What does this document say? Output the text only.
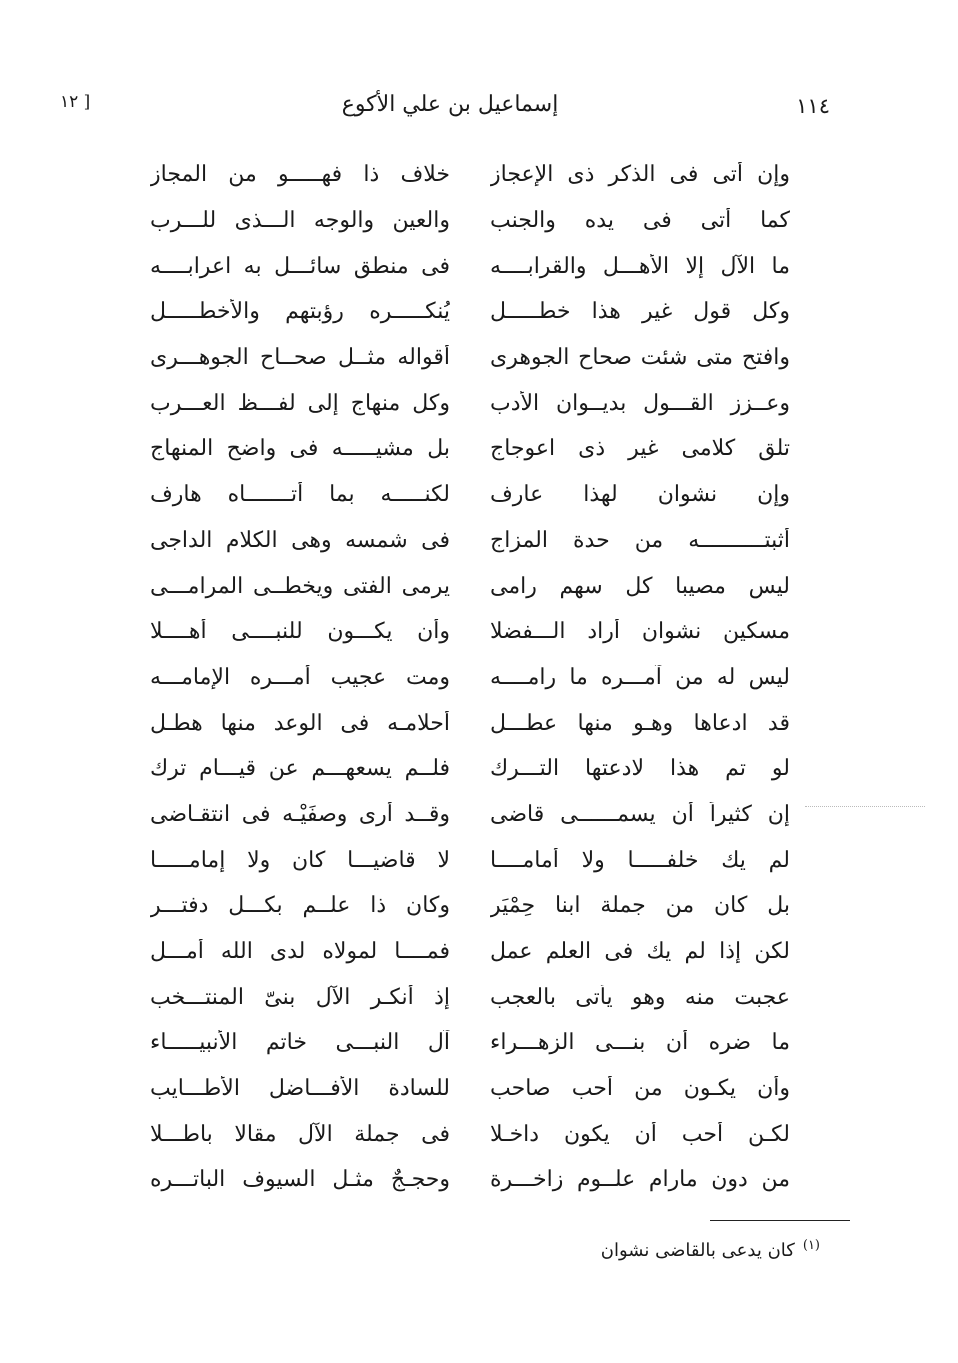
١١٤
إسماعيل بن علي الأكوع
[ ١٢
وإن أتى فى الذكر ذى الإعجاز
خلاف ذا فهـــــو من المجاز
كما أتى فى يده والجنب
والعين والوجه الـــذى للـــرب
ما الآل إلا الأهـــل والقرابــــه
فى منطق سائـــل به اعرابــــه
وكل قول غير هذا خطـــــل
يُنكـــــره رؤبتهم والأخطـــــل
وافتح متى شئت صحاح الجوهرى
أقواله مثــل صحــاح الجوهـــرى
وعــزز القـــول بديــوان الأدب
وكل منهاج إلى لفـــظ العـــرب
تلق كلامى غير ذى اعوجاج
بل مشيـــــه فى واضح المنهاج
وإن نشوان لهذا عارف
لكنـــــه بما أتـــــــاه هارف
أثبتــــــــــه من حدة المزاج
فى شمسه وهى الكلام الداجى
ليس مصيبا كل سهم رامى
يرمى الفتى ويخطــى المرامـــى
مسكين نشوان أراد الـــفضلا
وأن يكـــون للنبــــى أهــــلا
ليس له من آمـــره ما رامــــه
ومت عجيب أمـــره الإمامـــه
قد ادعاها وهـو منها عطـــل
أحلامـه فى الوعد منها هطـل
لو تم هذا لادعتها التـــرك
فلــم يسعهـــم عن قيـــام ترك
إن كثيراً أن يسمــــــى قاضى
وقــد أرى وصفَيْـه فى انتقـاضى
لم يك خلفـــــا ولا أمامــــا
لا قاضيـــا كان ولا إمامـــــا
بل كان من جملة ابنا حِمْيَر
وكان ذا علــم بكـــل دفتـــر
لكن إذا لم يك فى العلم عمل
فمــــا لمولاه لدى الله أمـــل
عجبت منه وهو يأتى بالعجب
إذ أنكـر الآل بنىّ المنتـــخب
ما ضره أن بنـــى الزهـــراء
آل النبـــى خاتم الأنبيـــــاء
وأن يكـون من أحب صاحب
للسادة الأفـــاضل الأطـــايب
لكـن أحب أن يكون داخـلا
فى جملة الآل مقالا باطـــلا
من دون مارام علــوم زاخـــرة
وحجـجٌ مثـل السيوف الباتـــره
$^{(١)}$كان يدعى بالقاضى نشوان
